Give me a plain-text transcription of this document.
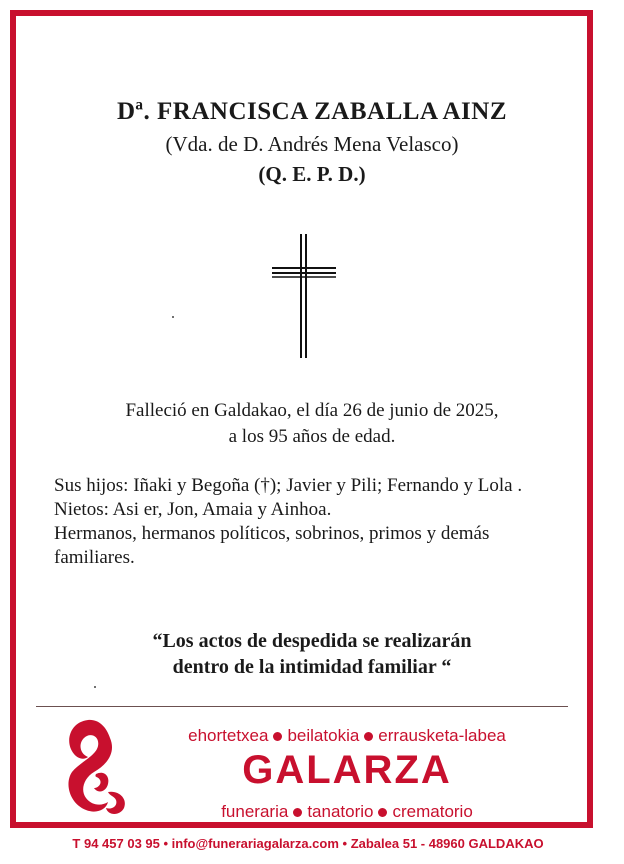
Dª. FRANCISCA ZABALLA AINZ
(Vda. de D. Andrés Mena Velasco)
(Q. E. P. D.)
Falleció en Galdakao, el día 26 de junio de 2025,
a los 95 años de edad.
Sus hijos: Iñaki y Begoña (†); Javier y Pili; Fernando y Lola .
Nietos: Asi er, Jon, Amaia y Ainhoa.
Hermanos, hermanos políticos, sobrinos, primos y demás familiares.
“Los actos de despedida se realizarán
dentro de la intimidad familiar “
ehortetxea beilatokia errausketa-labea
GALARZA
funeraria tanatorio crematorio
T 94 457 03 95 • info@funerariagalarza.com • Zabalea 51 - 48960 GALDAKAO
